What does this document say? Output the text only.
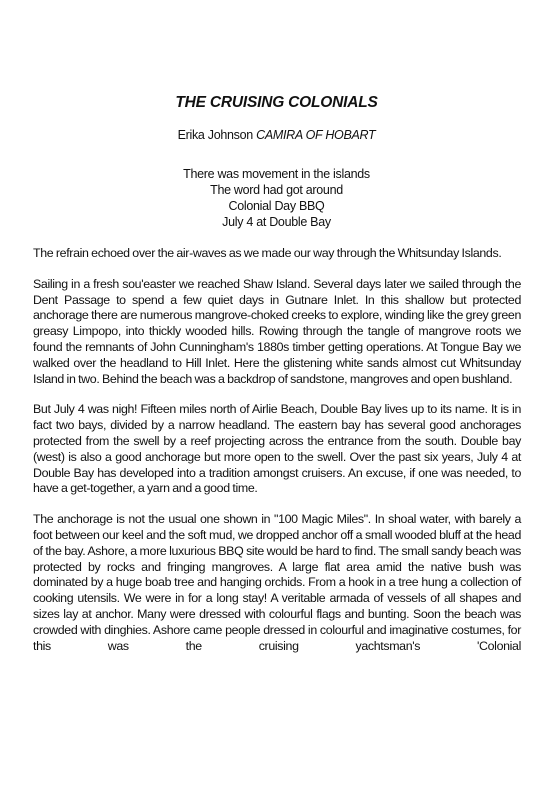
THE CRUISING COLONIALS
Erika Johnson CAMIRA OF HOBART
There was movement in the islands
The word had got around
Colonial Day BBQ
July 4 at Double Bay

The refrain echoed over the air-waves as we made our way through the Whitsunday Islands.

Sailing in a fresh sou'easter we reached Shaw Island. Several days later we sailed through the Dent Passage to spend a few quiet days in Gutnare Inlet. In this shallow but protected anchorage there are numerous mangrove-choked creeks to explore, winding like the grey green greasy Limpopo, into thickly wooded hills. Rowing through the tangle of mangrove roots we found the remnants of John Cunningham's 1880s timber getting operations. At Tongue Bay we walked over the headland to Hill Inlet. Here the glistening white sands almost cut Whitsunday Island in two. Behind the beach was a backdrop of sandstone, mangroves and open bushland.

But July 4 was nigh! Fifteen miles north of Airlie Beach, Double Bay lives up to its name. It is in fact two bays, divided by a narrow headland. The eastern bay has several good anchorages protected from the swell by a reef projecting across the entrance from the south. Double bay (west) is also a good anchorage but more open to the swell. Over the past six years, July 4 at Double Bay has developed into a tradition amongst cruisers. An excuse, if one was needed, to have a get-together, a yarn and a good time.

The anchorage is not the usual one shown in "100 Magic Miles". In shoal water, with barely a foot between our keel and the soft mud, we dropped anchor off a small wooded bluff at the head of the bay. Ashore, a more luxurious BBQ site would be hard to find. The small sandy beach was protected by rocks and fringing mangroves. A large flat area amid the native bush was dominated by a huge boab tree and hanging orchids. From a hook in a tree hung a collection of cooking utensils. We were in for a long stay! A veritable armada of vessels of all shapes and sizes lay at anchor. Many were dressed with colourful flags and bunting. Soon the beach was crowded with dinghies. Ashore came people dressed in colourful and imaginative costumes, for this was the cruising yachtsman's 'Colonial
